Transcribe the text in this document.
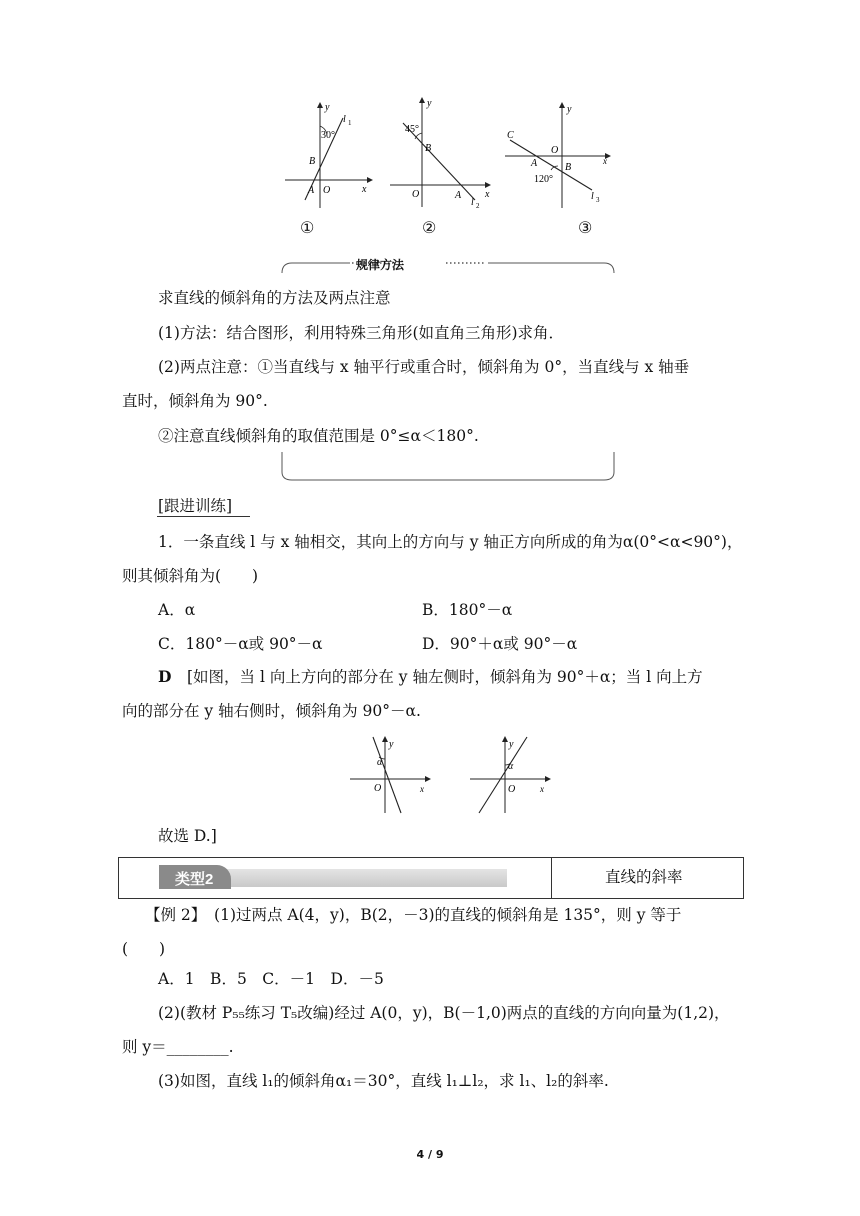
y
x
l 1
30°
B
A O
y
x
45°
B
O	A
l 2
y
x
C
O
A	B
120°
l 3
①	②	③
规律方法
求直线的倾斜角的方法及两点注意
(1)方法：结合图形，利用特殊三角形(如直角三角形)求角．
(2)两点注意：①当直线与 x 轴平行或重合时，倾斜角为 0°，当直线与 x 轴垂
直时，倾斜角为 90°.
②注意直线倾斜角的取值范围是 0°≤α＜180°.
[跟进训练]
1．一条直线 l 与 x 轴相交，其向上的方向与 y 轴正方向所成的角为α(0°<α<90°)，
则其倾斜角为(　　)
A．α	B．180°－α
C．180°－α或 90°－α	D．90°＋α或 90°－α
D　 [如图，当 l 向上方向的部分在 y 轴左侧时，倾斜角为 90°＋α；当 l 向上方
向的部分在 y 轴右侧时，倾斜角为 90°－α.
y
α
O	x
y
α
O	x
故选 D.]
类型2	直线的斜率
【例 2】　(1)过两点 A(4，y)，B(2，－3)的直线的倾斜角是 135°，则 y 等于
(　　)
A．1　B．5　C．－1　D．－5
(2)(教材 P₅₅练习 T₅改编)经过 A(0，y)，B(－1,0)两点的直线的方向向量为(1,2)，
则 y＝________.
(3)如图，直线 l₁的倾斜角α₁＝30°，直线 l₁⊥l₂，求 l₁、l₂的斜率.
4 / 9
